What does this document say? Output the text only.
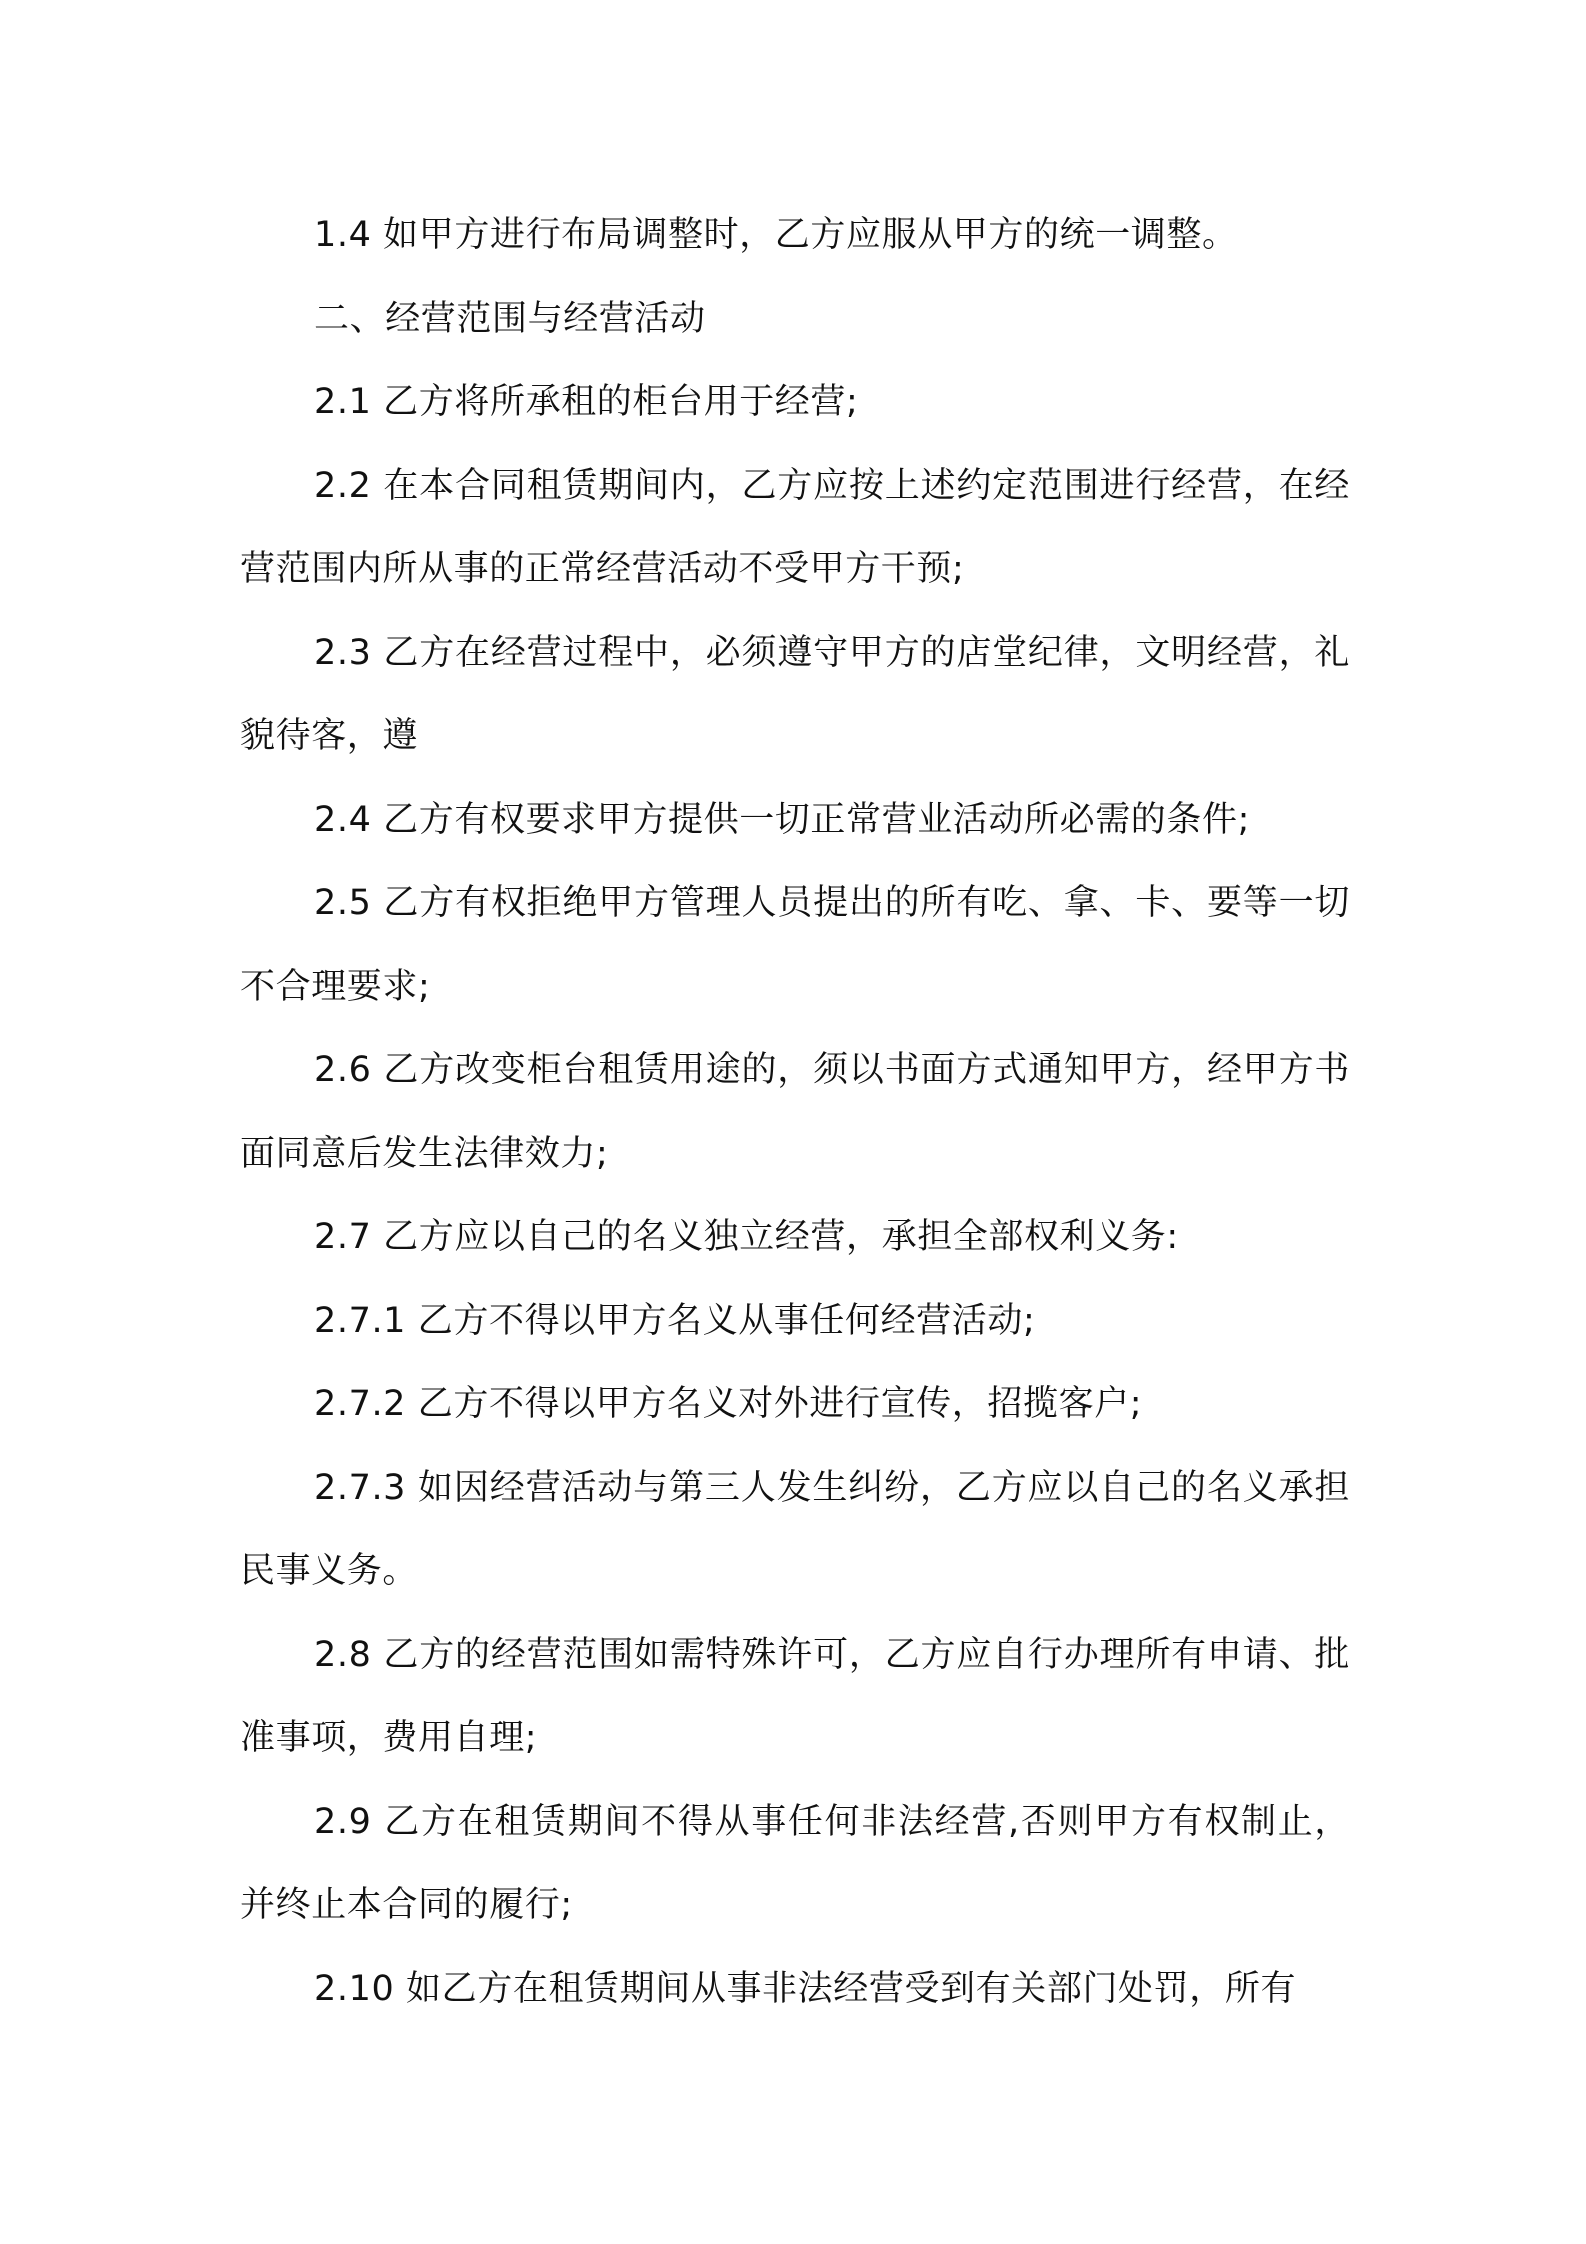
1.4 如甲方进行布局调整时，乙方应服从甲方的统一调整。

二、经营范围与经营活动

2.1 乙方将所承租的柜台用于经营;

2.2 在本合同租赁期间内，乙方应按上述约定范围进行经营，在经营范围内所从事的正常经营活动不受甲方干预;

2.3 乙方在经营过程中，必须遵守甲方的店堂纪律，文明经营，礼貌待客，遵

2.4 乙方有权要求甲方提供一切正常营业活动所必需的条件;

2.5 乙方有权拒绝甲方管理人员提出的所有吃、拿、卡、要等一切不合理要求;

2.6 乙方改变柜台租赁用途的，须以书面方式通知甲方，经甲方书面同意后发生法律效力;

2.7 乙方应以自己的名义独立经营，承担全部权利义务:

2.7.1 乙方不得以甲方名义从事任何经营活动;

2.7.2 乙方不得以甲方名义对外进行宣传，招揽客户;

2.7.3 如因经营活动与第三人发生纠纷，乙方应以自己的名义承担民事义务。

2.8 乙方的经营范围如需特殊许可，乙方应自行办理所有申请、批准事项，费用自理;

2.9 乙方在租赁期间不得从事任何非法经营,否则甲方有权制止，并终止本合同的履行;

2.10 如乙方在租赁期间从事非法经营受到有关部门处罚，所有
